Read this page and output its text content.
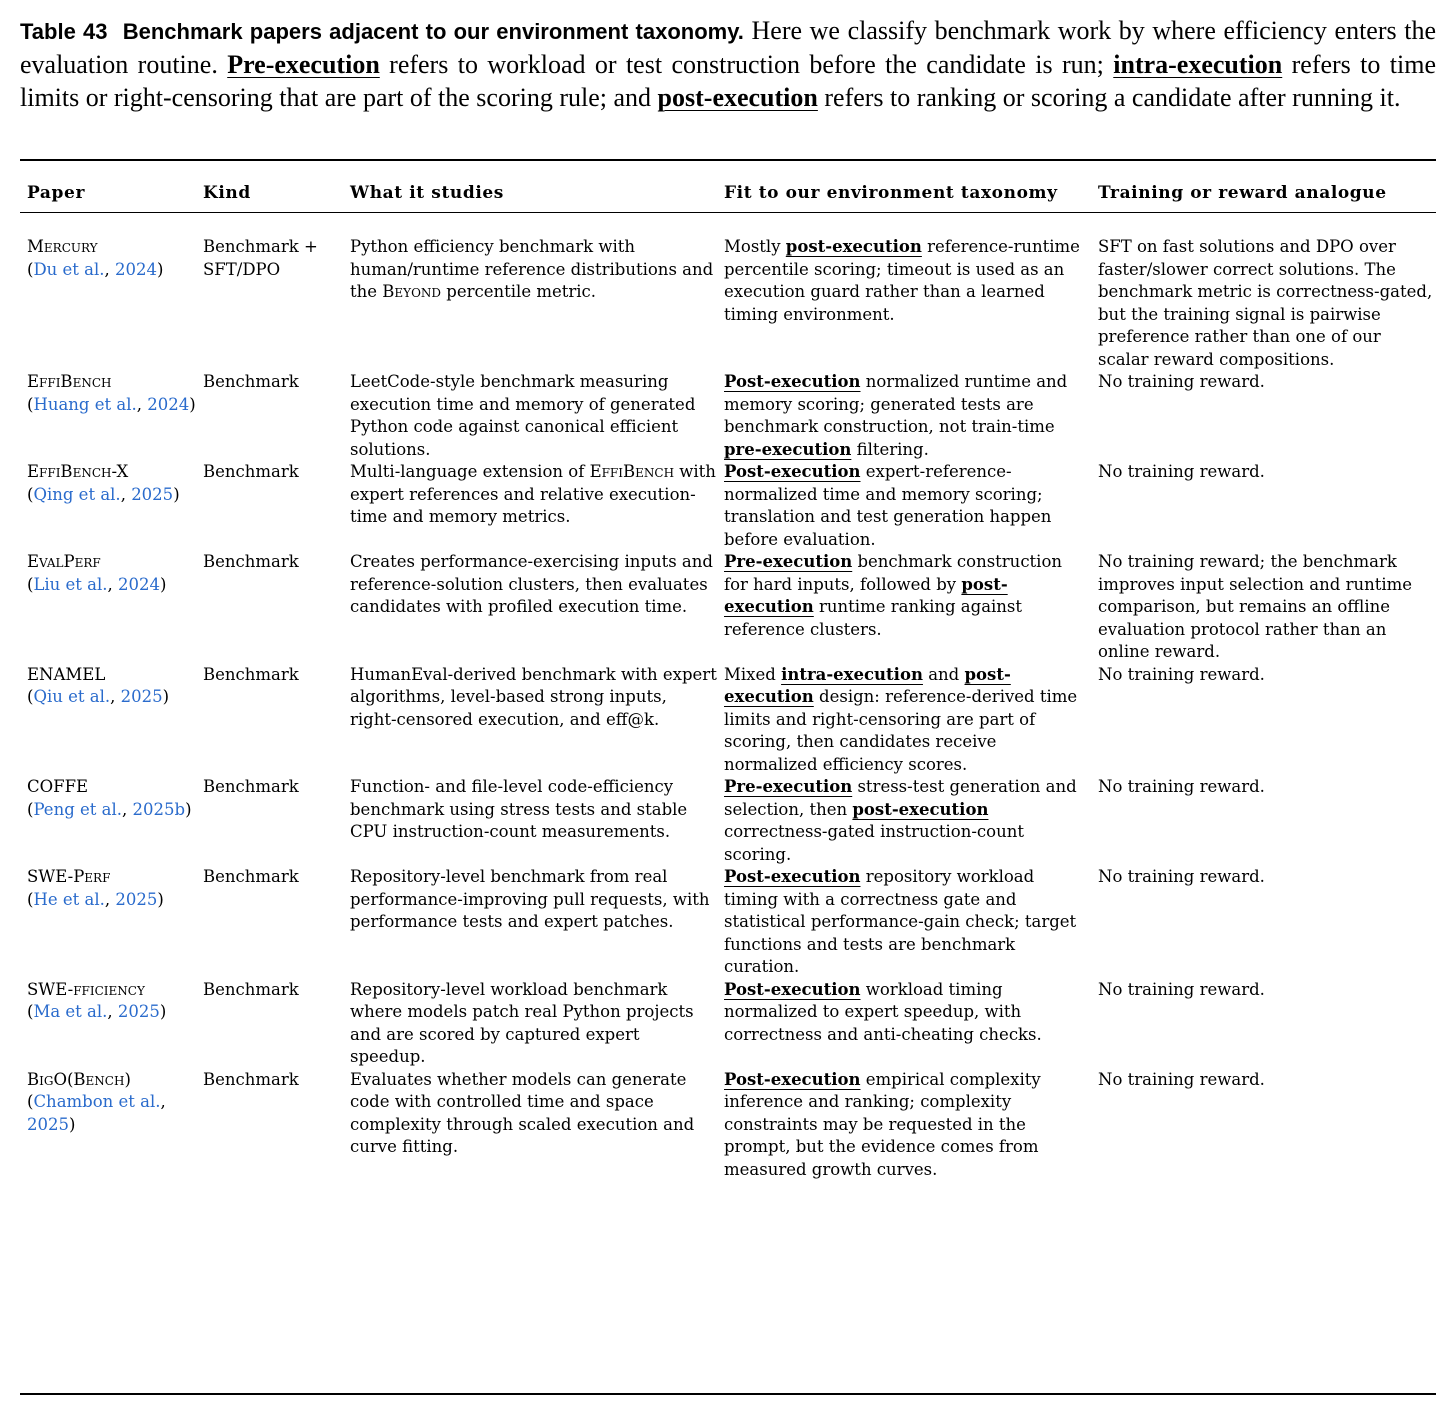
Table 43 Benchmark papers adjacent to our environment taxonomy. Here we classify benchmark work by where efficiency enters the evaluation routine. Pre-execution refers to workload or test construction before the candidate is run; intra-execution refers to time limits or right-censoring that are part of the scoring rule; and post-execution refers to ranking or scoring a candidate after running it.
Paper	Kind	What it studies	Fit to our environment taxonomy	Training or reward analogue
Mercury
(Du et al., 2024)	Benchmark + SFT/DPO	Python efficiency benchmark with human/runtime reference distributions and the Beyond percentile metric.	Mostly post-execution reference-runtime percentile scoring; timeout is used as an execution guard rather than a learned timing environment.	SFT on fast solutions and DPO over faster/slower correct solutions. The benchmark metric is correctness-gated, but the training signal is pairwise preference rather than one of our scalar reward compositions.
EffiBench
(Huang et al., 2024)	Benchmark	LeetCode-style benchmark measuring execution time and memory of generated Python code against canonical efficient solutions.	Post-execution normalized runtime and memory scoring; generated tests are benchmark construction, not train-time pre-execution filtering.	No training reward.
EffiBench-X
(Qing et al., 2025)	Benchmark	Multi-language extension of EffiBench with expert references and relative execution-time and memory metrics.	Post-execution expert-reference-normalized time and memory scoring; translation and test generation happen before evaluation.	No training reward.
EvalPerf
(Liu et al., 2024)	Benchmark	Creates performance-exercising inputs and reference-solution clusters, then evaluates candidates with profiled execution time.	Pre-execution benchmark construction for hard inputs, followed by post-execution runtime ranking against reference clusters.	No training reward; the benchmark improves input selection and runtime comparison, but remains an offline evaluation protocol rather than an online reward.
ENAMEL
(Qiu et al., 2025)	Benchmark	HumanEval-derived benchmark with expert algorithms, level-based strong inputs, right-censored execution, and eff@k.	Mixed intra-execution and post-execution design: reference-derived time limits and right-censoring are part of scoring, then candidates receive normalized efficiency scores.	No training reward.
COFFE
(Peng et al., 2025b)	Benchmark	Function- and file-level code-efficiency benchmark using stress tests and stable CPU instruction-count measurements.	Pre-execution stress-test generation and selection, then post-execution correctness-gated instruction-count scoring.	No training reward.
SWE-Perf
(He et al., 2025)	Benchmark	Repository-level benchmark from real performance-improving pull requests, with performance tests and expert patches.	Post-execution repository workload timing with a correctness gate and statistical performance-gain check; target functions and tests are benchmark curation.	No training reward.
SWE-fficiency
(Ma et al., 2025)	Benchmark	Repository-level workload benchmark where models patch real Python projects and are scored by captured expert speedup.	Post-execution workload timing normalized to expert speedup, with correctness and anti-cheating checks.	No training reward.
BigO(Bench)
(Chambon et al., 2025)	Benchmark	Evaluates whether models can generate code with controlled time and space complexity through scaled execution and curve fitting.	Post-execution empirical complexity inference and ranking; complexity constraints may be requested in the prompt, but the evidence comes from measured growth curves.	No training reward.
